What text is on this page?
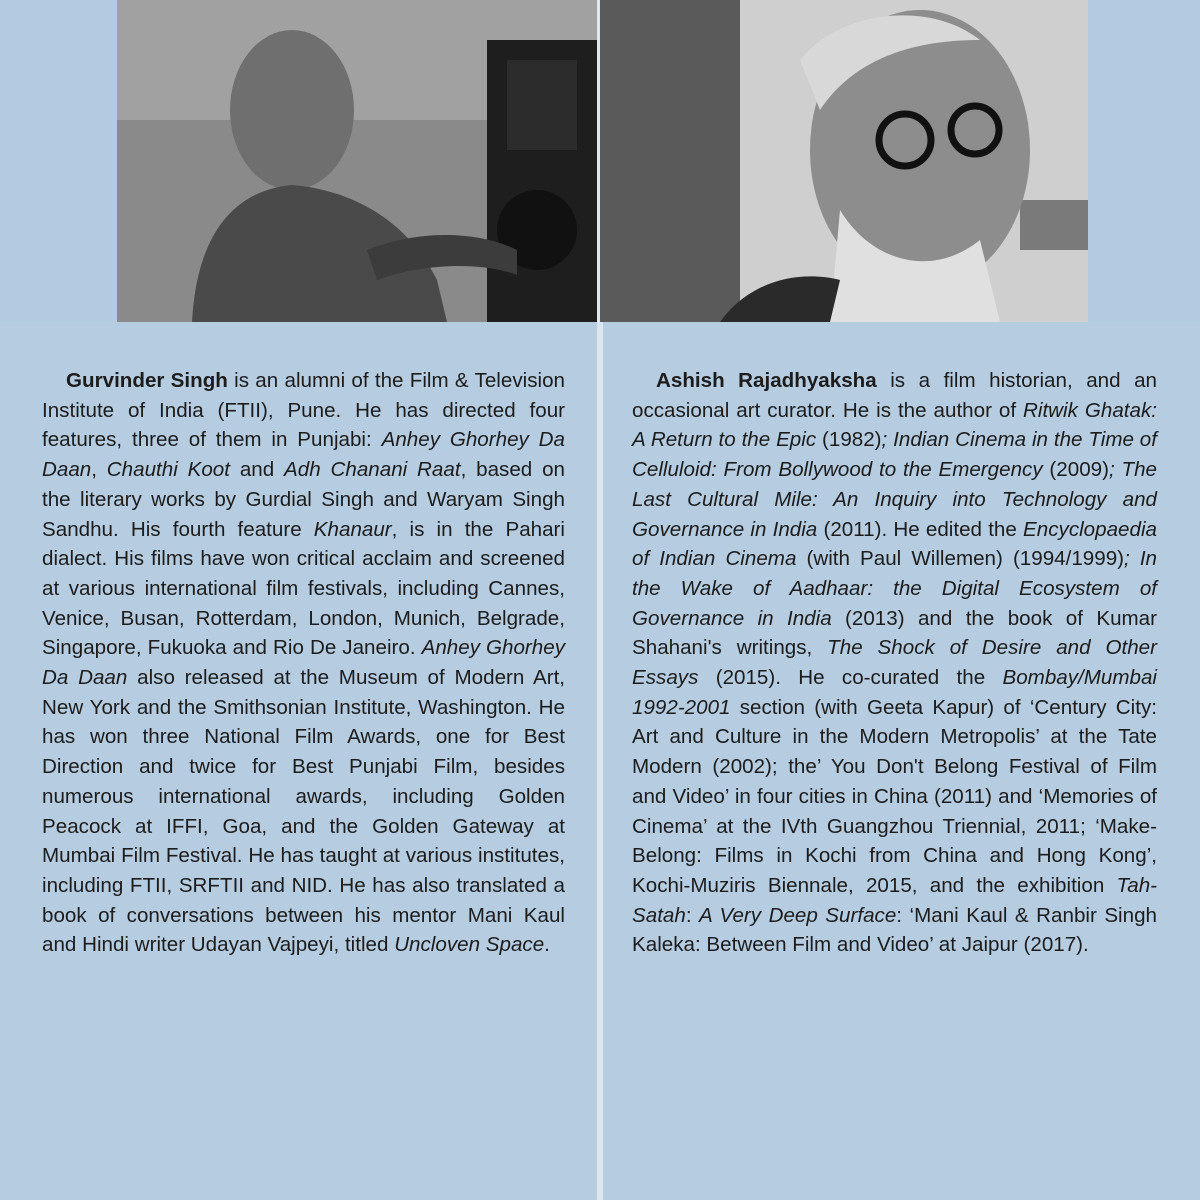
Gurvinder Singh is an alumni of the Film & Television Institute of India (FTII), Pune. He has directed four features, three of them in Punjabi: Anhey Ghorhey Da Daan, Chauthi Koot and Adh Chanani Raat, based on the literary works by Gurdial Singh and Waryam Singh Sandhu. His fourth feature Khanaur, is in the Pahari dialect. His films have won critical acclaim and screened at various international film festivals, including Cannes, Venice, Busan, Rotterdam, London, Munich, Belgrade, Singapore, Fukuoka and Rio De Janeiro. Anhey Ghorhey Da Daan also released at the Museum of Modern Art, New York and the Smithsonian Institute, Washington. He has won three National Film Awards, one for Best Direction and twice for Best Punjabi Film, besides numerous international awards, including Golden Peacock at IFFI, Goa, and the Golden Gateway at Mumbai Film Festival. He has taught at various institutes, including FTII, SRFTII and NID. He has also translated a book of conversations between his mentor Mani Kaul and Hindi writer Udayan Vajpeyi, titled Uncloven Space.

Ashish Rajadhyaksha is a film historian, and an occasional art curator. He is the author of Ritwik Ghatak: A Return to the Epic (1982); Indian Cinema in the Time of Celluloid: From Bollywood to the Emergency (2009); The Last Cultural Mile: An Inquiry into Technology and Governance in India (2011). He edited the Encyclopaedia of Indian Cinema (with Paul Willemen) (1994/1999); In the Wake of Aadhaar: the Digital Ecosystem of Governance in India (2013) and the book of Kumar Shahani's writings, The Shock of Desire and Other Essays (2015). He co-curated the Bombay/Mumbai 1992-2001 section (with Geeta Kapur) of ‘Century City: Art and Culture in the Modern Metropolis’ at the Tate Modern (2002); the’ You Don't Belong Festival of Film and Video’ in four cities in China (2011) and ‘Memories of Cinema’ at the IVth Guangzhou Triennial, 2011; ‘Make-Belong: Films in Kochi from China and Hong Kong’, Kochi-Muziris Biennale, 2015, and the exhibition Tah-Satah: A Very Deep Surface: ‘Mani Kaul & Ranbir Singh Kaleka: Between Film and Video’ at Jaipur (2017).
